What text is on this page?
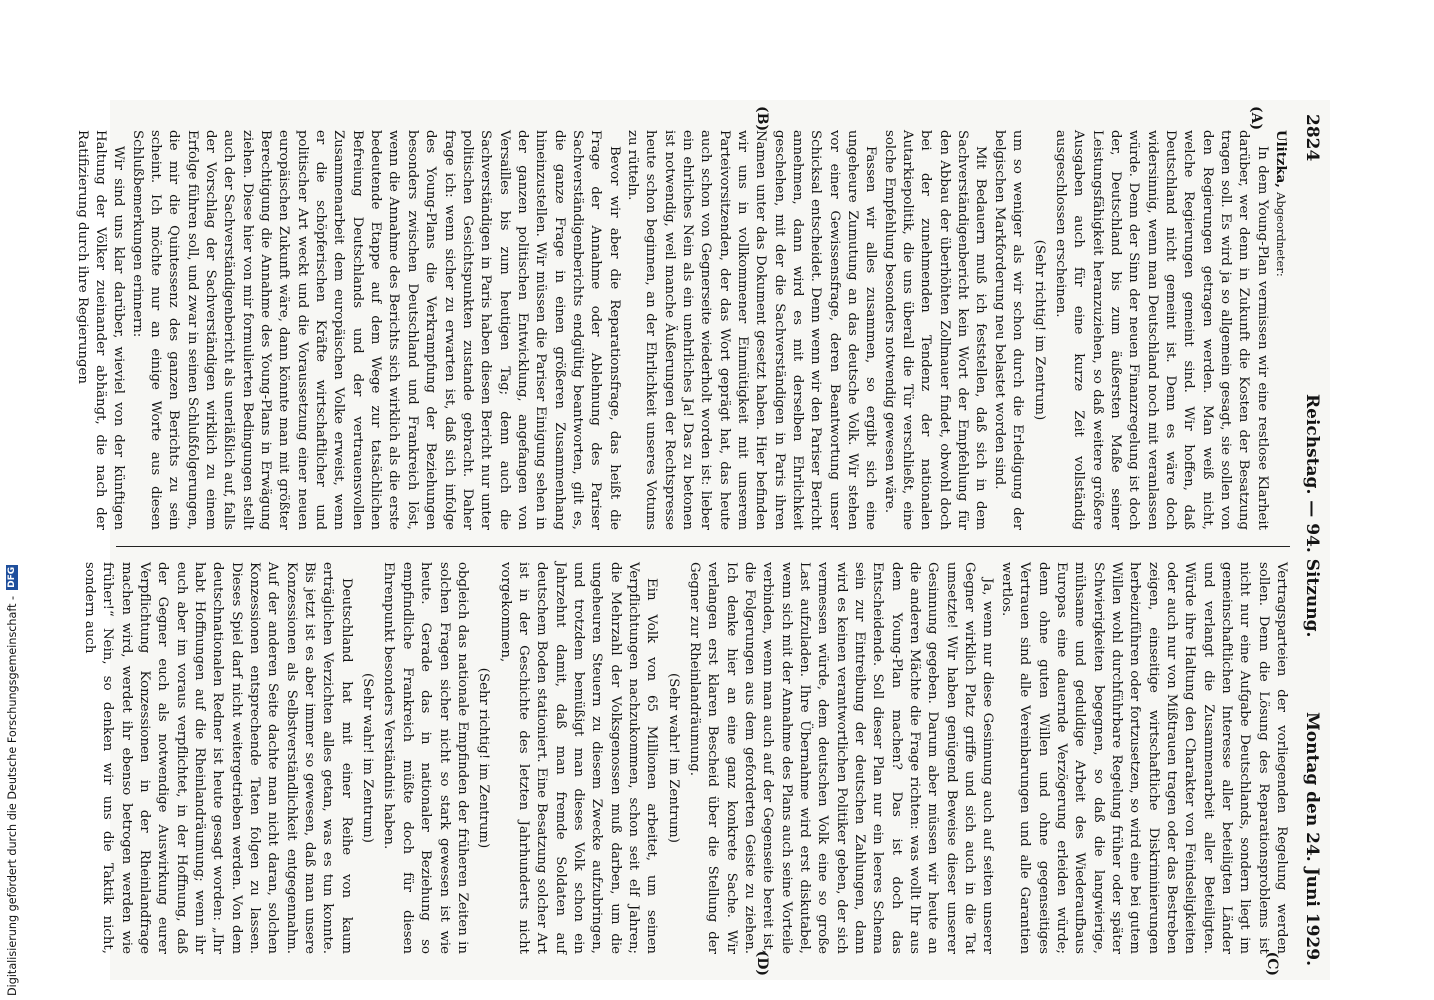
2824
Reichstag. — 94. Sitzung.
Montag den 24. Juni 1929.
(A)
(B)
(C)
(D)

Ulitzka, Abgeordneter:

In dem Young-Plan vermissen wir eine restlose Klarheit darüber, wer denn in Zukunft die Kosten der Besatzung tragen soll. Es wird ja so allgemein gesagt, sie sollen von den Regierungen getragen werden. Man weiß nicht, welche Regierungen gemeint sind. Wir hoffen, daß Deutschland nicht gemeint ist. Denn es wäre doch widersinnig, wenn man Deutschland noch mit veranlassen würde. Denn der Sinn der neuen Finanzregelung ist doch der, Deutschland bis zum äußersten Maße seiner Leistungsfähigkeit heranzuziehen, so daß weitere größere Ausgaben auch für eine kurze Zeit vollständig ausgeschlossen erscheinen.

(Sehr richtig! im Zentrum)

um so weniger als wir schon durch die Erledigung der belgischen Markforderung neu belastet worden sind.

Mit Bedauern muß ich feststellen, daß sich in dem Sachverständigenbericht kein Wort der Empfehlung für den Abbau der überhöhten Zollmauer findet, obwohl doch bei der zunehmenden Tendenz der nationalen Autarkiepolitik, die uns überall die Tür verschließt, eine solche Empfehlung besonders notwendig gewesen wäre.

Fassen wir alles zusammen, so ergibt sich eine ungeheure Zumutung an das deutsche Volk. Wir stehen vor einer Gewissensfrage, deren Beantwortung unser Schicksal entscheidet. Denn wenn wir den Pariser Bericht annehmen, dann wird es mit derselben Ehrlichkeit geschehen, mit der die Sachverständigen in Paris ihren Namen unter das Dokument gesetzt haben. Hier befinden wir uns in vollkommener Einmütigkeit mit unserem Parteivorsitzenden, der das Wort geprägt hat, das heute auch schon von Gegnerseite wiederholt worden ist: lieber ein ehrliches Nein als ein unehrliches Ja! Das zu betonen ist notwendig, weil manche Äußerungen der Rechtspresse heute schon beginnen, an der Ehrlichkeit unseres Votums zu rütteln.

Bevor wir aber die Reparationsfrage, das heißt die Frage der Annahme oder Ablehnung des Pariser Sachverständigenberichts endgültig beantworten, gilt es, die ganze Frage in einen größeren Zusammenhang hineinzustellen. Wir müssen die Pariser Einigung sehen in der ganzen politischen Entwicklung, angefangen von Versailles bis zum heutigen Tag; denn auch die Sachverständigen in Paris haben diesen Bericht nur unter politischen Gesichtspunkten zustande gebracht. Daher frage ich: wenn sicher zu erwarten ist, daß sich infolge des Young-Plans die Verkrampfung der Beziehungen besonders zwischen Deutschland und Frankreich löst, wenn die Annahme des Berichts sich wirklich als die erste bedeutende Etappe auf dem Wege zur tatsächlichen Befreiung Deutschlands und der vertrauensvollen Zusammenarbeit dem europäischen Volke erweist, wenn er die schöpferischen Kräfte wirtschaftlicher und politischer Art weckt und die Voraussetzung einer neuen europäischen Zukunft wäre, dann könnte man mit größter Berechtigung die Annahme des Young-Plans in Erwägung ziehen. Diese hier von mir formulierten Bedingungen stellt auch der Sachverständigenbericht als unerläßlich auf, falls der Vorschlag der Sachverständigen wirklich zu einem Erfolge führen soll, und zwar in seinen Schlußfolgerungen, die mir die Quintessenz des ganzen Berichts zu sein scheint. Ich möchte nur an einige Worte aus diesen Schlußbemerkungen erinnern:

Wir sind uns klar darüber, wieviel von der künftigen Haltung der Völker zueinander abhängt, die nach der Ratifizierung durch ihre Regierungen

Vertragsparteien der vorliegenden Regelung werden sollen. Denn die Lösung des Reparationsproblems ist nicht nur eine Aufgabe Deutschlands, sondern liegt im gemeinschaftlichen Interesse aller beteiligten Länder und verlangt die Zusammenarbeit aller Beteiligten. Würde ihre Haltung den Charakter von Feindseligkeiten oder auch nur von Mißtrauen tragen oder das Bestreben zeigen, einseitige wirtschaftliche Diskriminierungen herbeizuführen oder fortzusetzen, so wird eine bei gutem Willen wohl durchführbare Regelung früher oder später Schwierigkeiten begegnen, so daß die langwierige, mühsame und geduldige Arbeit des Wiederaufbaus Europas eine dauernde Verzögerung erleiden würde; denn ohne guten Willen und ohne gegenseitiges Vertrauen sind alle Vereinbarungen und alle Garantien wertlos.

Ja, wenn nur diese Gesinnung auch auf seiten unserer Gegner wirklich Platz griffe und sich auch in die Tat umsetzte! Wir haben genügend Beweise dieser unserer Gesinnung gegeben. Darum aber müssen wir heute an die anderen Mächte die Frage richten: was wollt Ihr aus dem Young-Plan machen? Das ist doch das Entscheidende. Soll dieser Plan nur ein leeres Schema sein zur Eintreibung der deutschen Zahlungen, dann wird es keinen verantwortlichen Politiker geben, der sich vermessen würde, dem deutschen Volk eine so große Last aufzuladen. Ihre Übernahme wird erst diskutabel, wenn sich mit der Annahme des Plans auch seine Vorteile verbinden, wenn man auch auf der Gegenseite bereit ist, die Folgerungen aus dem geforderten Geiste zu ziehen. Ich denke hier an eine ganz konkrete Sache. Wir verlangen erst klaren Bescheid über die Stellung der Gegner zur Rheinlandräumung.

(Sehr wahr! im Zentrum)

Ein Volk von 65 Millionen arbeitet, um seinen Verpflichtungen nachzukommen, schon seit elf Jahren; die Mehrzahl der Volksgenossen muß darben, um die ungeheuren Steuern zu diesem Zwecke aufzubringen, und trotzdem bemüßigt man dieses Volk schon ein Jahrzehnt damit, daß man fremde Soldaten auf deutschem Boden stationiert. Eine Besatzung solcher Art ist in der Geschichte des letzten Jahrhunderts nicht vorgekommen,

(Sehr richtig! im Zentrum)

obgleich das nationale Empfinden der früheren Zeiten in solchen Fragen sicher nicht so stark gewesen ist wie heute. Gerade das in nationaler Beziehung so empfindliche Frankreich müßte doch für diesen Ehrenpunkt besonders Verständnis haben.

(Sehr wahr! im Zentrum)

Deutschland hat mit einer Reihe von kaum erträglichen Verzichten alles getan, was es tun konnte. Bis jetzt ist es aber immer so gewesen, daß man unsere Konzessionen als Selbstverständlichkeit entgegennahm. Auf der anderen Seite dachte man nicht daran, solchen Konzessionen entsprechende Taten folgen zu lassen. Dieses Spiel darf nicht weitergetrieben werden. Von dem deutschnationalen Redner ist heute gesagt worden: „Ihr habt Hoffnungen auf die Rheinlandräumung; wenn ihr euch aber im voraus verpflichtet, in der Hoffnung, daß der Gegner euch als notwendige Auswirkung eurer Verpflichtung Konzessionen in der Rheinlandfrage machen wird, werdet ihr ebenso betrogen werden wie früher!“ Nein, so denken wir uns die Taktik nicht, sondern auch

Digitalisierung gefördert durch die Deutsche Forschungsgemeinschaft -
DFG
